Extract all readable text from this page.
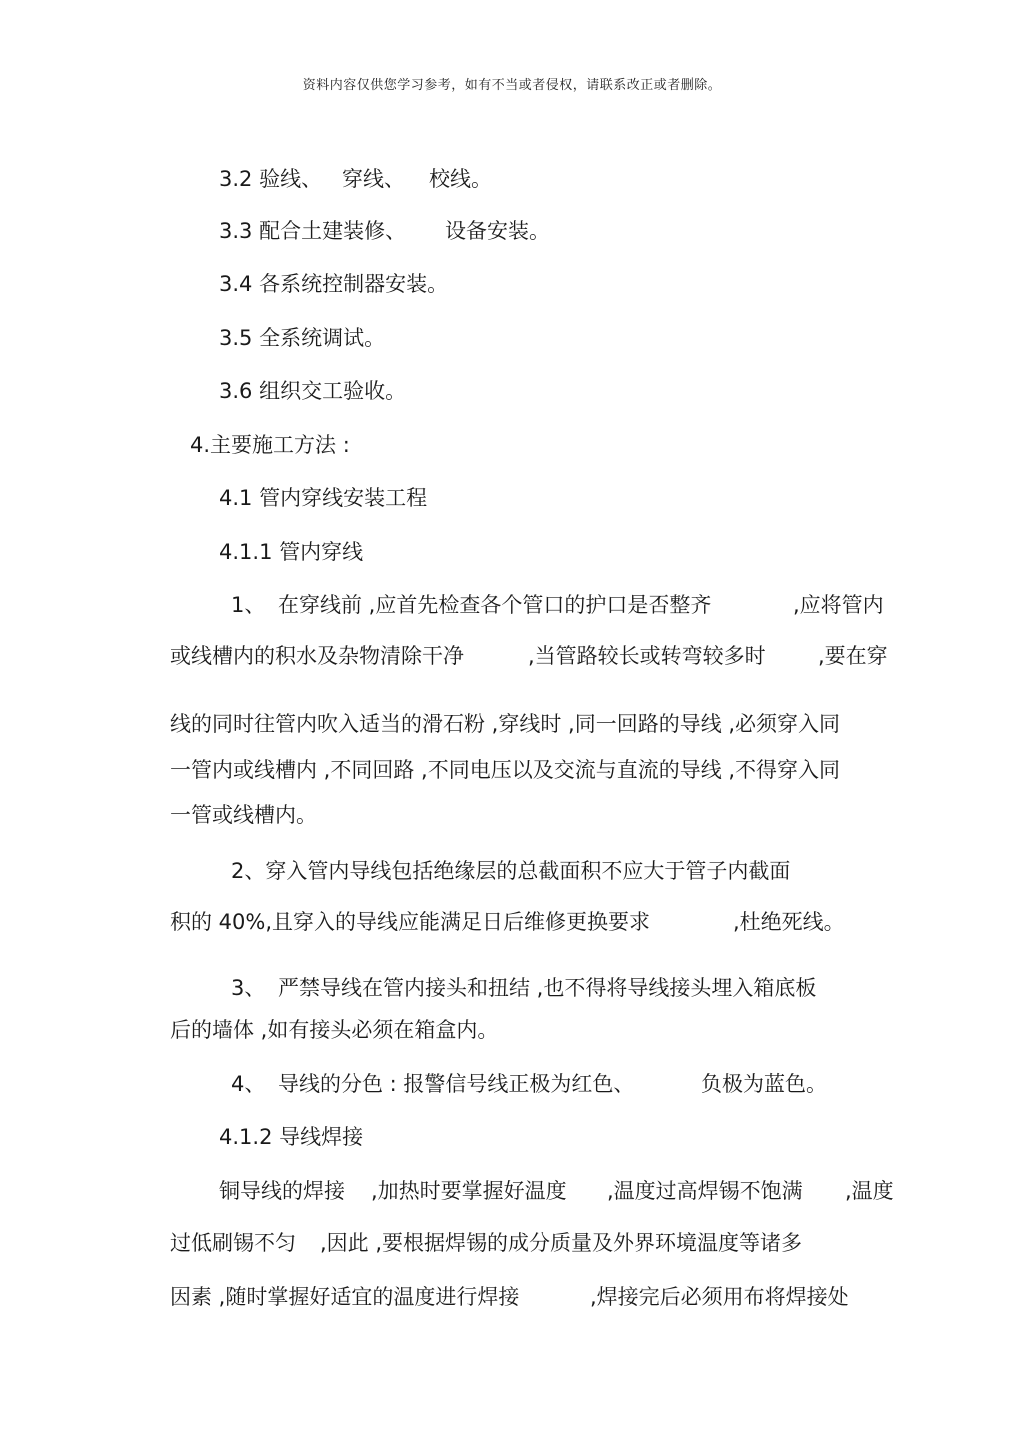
资料内容仅供您学习参考，如有不当或者侵权，请联系改正或者删除。

3.2 验线、

穿线、

校线。

3.3 配合土建装修、

设备安装。

3.4 各系统控制器安装。
3.5 全系统调试。
3.6 组织交工验收。
4.主要施工方法 :
4.1 管内穿线安装工程
4.1.1 管内穿线

1、

在穿线前 ,应首先检查各个管口的护口是否整齐

	,应将管内

或线槽内的积水及杂物清除干净

	,当管路较长或转弯较多时

,要在穿

线的同时往管内吹入适当的滑石粉 ,穿线时 ,同一回路的导线 ,必须穿入同
一管内或线槽内 ,不同回路 ,不同电压以及交流与直流的导线 ,不得穿入同
一管或线槽内。
2、穿入管内导线包括绝缘层的总截面积不应大于管子内截面

积的 40%,且穿入的导线应能满足日后维修更换要求

	,杜绝死线。

3、

严禁导线在管内接头和扭结 ,也不得将导线接头埋入箱底板

后的墙体 ,如有接头必须在箱盒内。

4、

导线的分色 : 报警信号线正极为红色、

	负极为蓝色。

4.1.2 导线焊接

铜导线的焊接

,加热时要掌握好温度

,温度过高焊锡不饱满

,温度

过低刷锡不匀

,因此 ,要根据焊锡的成分质量及外界环境温度等诸多

因素 ,随时掌握好适宜的温度进行焊接

	,焊接完后必须用布将焊接处
